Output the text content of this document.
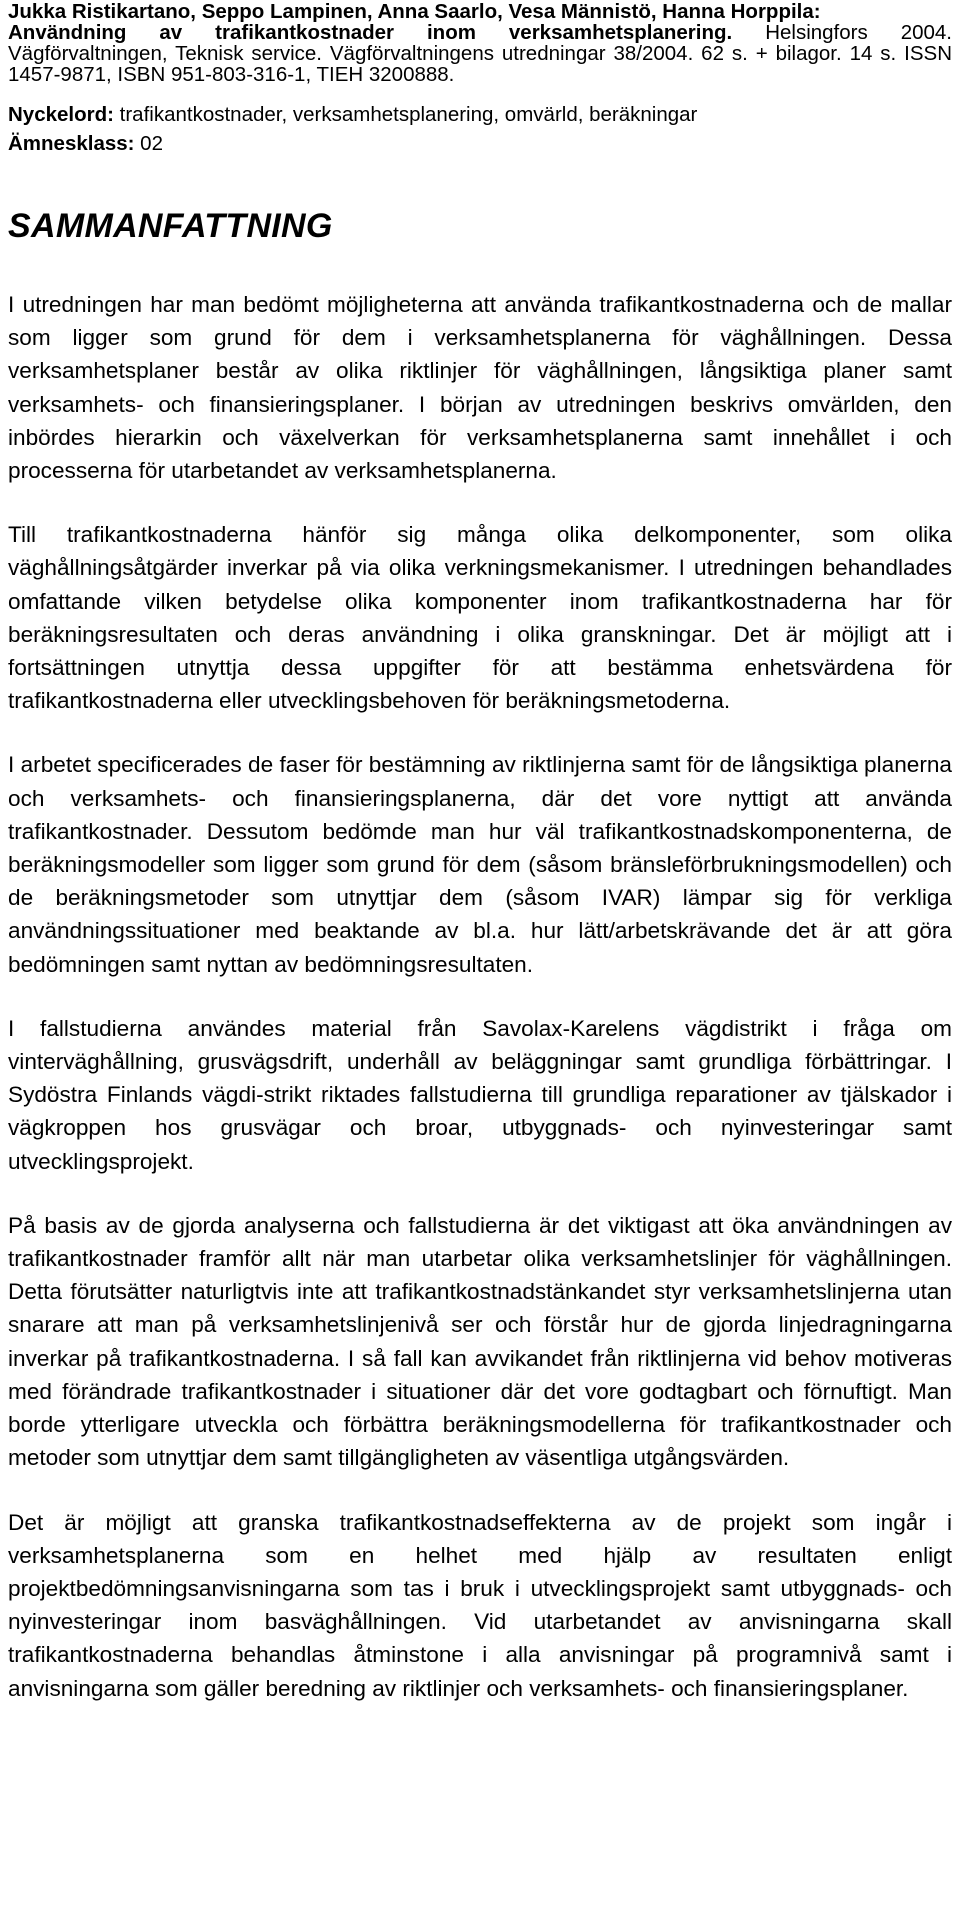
Jukka Ristikartano, Seppo Lampinen, Anna Saarlo, Vesa Männistö, Hanna Horppila:
Användning av trafikantkostnader inom verksamhetsplanering. Helsingfors 2004. Vägförvaltningen, Teknisk service. Vägförvaltningens utredningar 38/2004. 62 s. + bilagor. 14 s. ISSN 1457-9871, ISBN 951-803-316-1, TIEH 3200888.
Nyckelord: trafikantkostnader, verksamhetsplanering, omvärld, beräkningar
Ämnesklass: 02
SAMMANFATTNING

I utredningen har man bedömt möjligheterna att använda trafikantkostnaderna och de mallar som ligger som grund för dem i verksamhetsplanerna för väghållningen. Dessa verksamhetsplaner består av olika riktlinjer för väghållningen, långsiktiga planer samt verksamhets- och finansieringsplaner. I början av utredningen beskrivs omvärlden, den inbördes hierarkin och växelverkan för verksamhetsplanerna samt innehållet i och processerna för utarbetandet av verksamhetsplanerna.

Till trafikantkostnaderna hänför sig många olika delkomponenter, som olika väghållningsåtgärder inverkar på via olika verkningsmekanismer. I utredningen behandlades omfattande vilken betydelse olika komponenter inom trafikantkostnaderna har för beräkningsresultaten och deras användning i olika granskningar. Det är möjligt att i fortsättningen utnyttja dessa uppgifter för att bestämma enhetsvärdena för trafikantkostnaderna eller utvecklingsbehoven för beräkningsmetoderna.

I arbetet specificerades de faser för bestämning av riktlinjerna samt för de långsiktiga planerna och verksamhets- och finansieringsplanerna, där det vore nyttigt att använda trafikantkostnader. Dessutom bedömde man hur väl trafikantkostnadskomponenterna, de beräkningsmodeller som ligger som grund för dem (såsom bränsleförbrukningsmodellen) och de beräkningsmetoder som utnyttjar dem (såsom IVAR) lämpar sig för verkliga användningssituationer med beaktande av bl.a. hur lätt/arbetskrävande det är att göra bedömningen samt nyttan av bedömningsresultaten.

I fallstudierna användes material från Savolax-Karelens vägdistrikt i fråga om vinterväghållning, grusvägsdrift, underhåll av beläggningar samt grundliga förbättringar. I Sydöstra Finlands vägdi-strikt riktades fallstudierna till grundliga reparationer av tjälskador i vägkroppen hos grusvägar och broar, utbyggnads- och nyinvesteringar samt utvecklingsprojekt.

På basis av de gjorda analyserna och fallstudierna är det viktigast att öka användningen av trafikantkostnader framför allt när man utarbetar olika verksamhetslinjer för väghållningen. Detta förutsätter naturligtvis inte att trafikantkostnadstänkandet styr verksamhetslinjerna utan snarare att man på verksamhetslinjenivå ser och förstår hur de gjorda linjedragningarna inverkar på trafikantkostnaderna. I så fall kan avvikandet från riktlinjerna vid behov motiveras med förändrade trafikantkostnader i situationer där det vore godtagbart och förnuftigt. Man borde ytterligare utveckla och förbättra beräkningsmodellerna för trafikantkostnader och metoder som utnyttjar dem samt tillgängligheten av väsentliga utgångsvärden.

Det är möjligt att granska trafikantkostnadseffekterna av de projekt som ingår i verksamhetsplanerna som en helhet med hjälp av resultaten enligt projektbedömningsanvisningarna som tas i bruk i utvecklingsprojekt samt utbyggnads- och nyinvesteringar inom basväghållningen. Vid utarbetandet av anvisningarna skall trafikantkostnaderna behandlas åtminstone i alla anvisningar på programnivå samt i anvisningarna som gäller beredning av riktlinjer och verksamhets- och finansieringsplaner.
